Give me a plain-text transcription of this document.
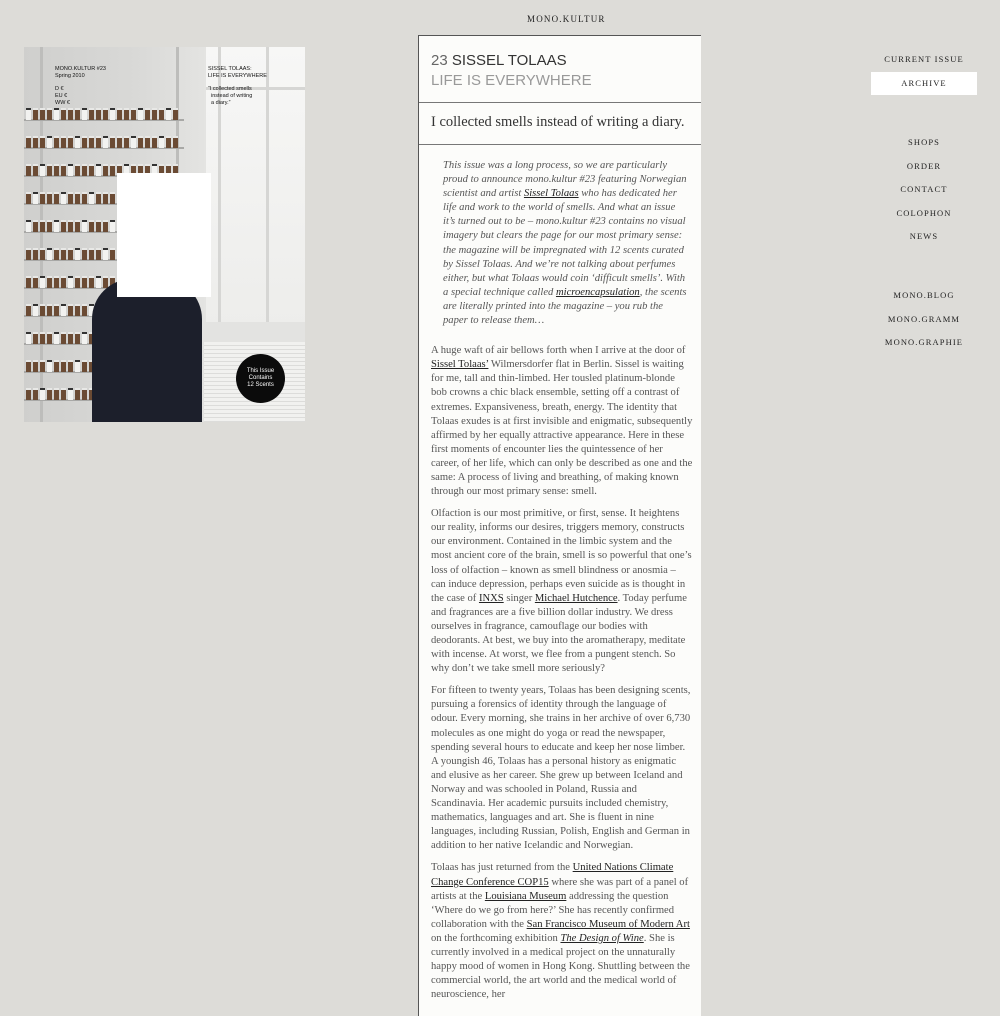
MONO.KULTUR
MONO.KULTUR #23
Spring 2010
D €
EU €
WW €
SISSEL TOLAAS:
LIFE IS EVERYWHERE
“I collected smells
instead of writing
a diary.”
This Issue
Contains
12 Scents
23 SISSEL TOLAAS
LIFE IS EVERYWHERE
I collected smells instead of writing a diary.

This issue was a long process, so we are particularly proud to announce mono.kultur #23 featuring Norwegian scientist and artist Sissel Tolaas who has dedicated her life and work to the world of smells. And what an issue it’s turned out to be – mono.kultur #23 contains no visual imagery but clears the page for our most primary sense: the magazine will be impregnated with 12 scents curated by Sissel Tolaas. And we’re not talking about perfumes either, but what Tolaas would coin ‘difficult smells’. With a special technique called microencapsulation, the scents are literally printed into the magazine – you rub the paper to release them…

A huge waft of air bellows forth when I arrive at the door of Sissel Tolaas’ Wilmersdorfer flat in Berlin. Sissel is waiting for me, tall and thin-limbed. Her tousled platinum-blonde bob crowns a chic black ensemble, setting off a contrast of extremes. Expansiveness, breath, energy. The identity that Tolaas exudes is at first invisible and enigmatic, subsequently affirmed by her equally attractive appearance. Here in these first moments of encounter lies the quintessence of her career, of her life, which can only be described as one and the same: A process of living and breathing, of making known through our most primary sense: smell.

Olfaction is our most primitive, or first, sense. It heightens our reality, informs our desires, triggers memory, constructs our environment. Contained in the limbic system and the most ancient core of the brain, smell is so powerful that one’s loss of olfaction – known as smell blindness or anosmia – can induce depression, perhaps even suicide as is thought in the case of INXS singer Michael Hutchence. Today perfume and fragrances are a five billion dollar industry. We dress ourselves in fragrance, camouflage our bodies with deodorants. At best, we buy into the aromatherapy, meditate with incense. At worst, we flee from a pungent stench. So why don’t we take smell more seriously?

For fifteen to twenty years, Tolaas has been designing scents, pursuing a forensics of identity through the language of odour. Every morning, she trains in her archive of over 6,730 molecules as one might do yoga or read the newspaper, spending several hours to educate and keep her nose limber. A youngish 46, Tolaas has a personal history as enigmatic and elusive as her career. She grew up between Iceland and Norway and was schooled in Poland, Russia and Scandinavia. Her academic pursuits included chemistry, mathematics, languages and art. She is fluent in nine languages, including Russian, Polish, English and German in addition to her native Icelandic and Norwegian.

Tolaas has just returned from the United Nations Climate Change Conference COP15 where she was part of a panel of artists at the Louisiana Museum addressing the question ‘Where do we go from here?’ She has recently confirmed collaboration with the San Francisco Museum of Modern Art on the forthcoming exhibition The Design of Wine. She is currently involved in a medical project on the unnaturally happy mood of women in Hong Kong. Shuttling between the commercial world, the art world and the medical world of neuroscience, her

CURRENT ISSUE
ARCHIVE
SHOPS
ORDER
CONTACT
COLOPHON
NEWS
MONO.BLOG
MONO.GRAMM
MONO.GRAPHIE
